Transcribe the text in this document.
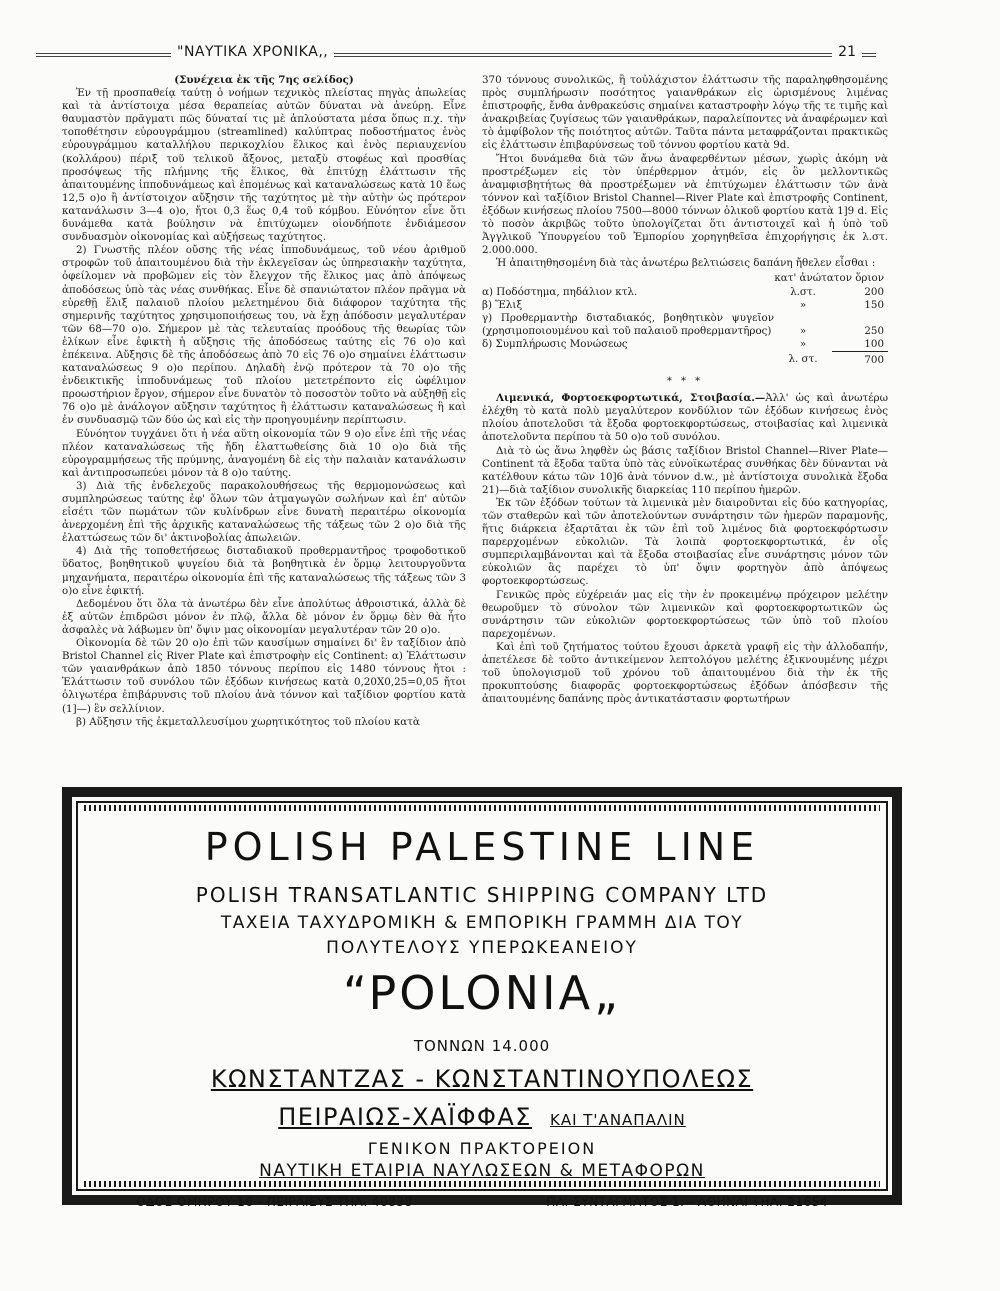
"ΝΑΥΤΙΚΑ ΧΡΟΝΙΚΑ,,	21

(Συνέχεια ἐκ τῆς 7ης σελίδος)

Ἐν τῇ προσπαθείᾳ ταύτῃ ὁ νοήμων τεχνικὸς πλείστας πηγὰς ἀπωλείας καὶ τὰ ἀντίστοιχα μέσα θεραπείας αὐτῶν δύναται νὰ ἀνεύρῃ. Εἶνε θαυμαστὸν πρᾶγματι πῶς δύναταί τις μὲ ἁπλούστατα μέσα ὅπως π.χ. τὴν τοποθέτησιν εὐρουγράμμου (streamlined) καλύπτρας ποδοστήματος ἑνὸς εὐρουγράμμου καταλλήλου περικοχλίου ἕλικος καὶ ἑνὸς περιαυχενίου (κολλάρου) πέριξ τοῦ τελικοῦ ἄξονος, μεταξὺ στοφέως καὶ προσθίας προσόψεως τῆς πλήμνης τῆς ἕλικος, θὰ ἐπιτύχῃ ἐλάττωσιν τῆς ἀπαιτουμένης ἱπποδυνάμεως καὶ ἑπομένως καὶ καταναλώσεως κατὰ 10 ἕως 12,5 ο)ο ἢ ἀντίστοιχον αὔξησιν τῆς ταχύτητος μὲ τὴν αὐτὴν ὡς πρότερον κατανάλωσιν 3—4 ο)ο, ἤτοι 0,3 ἕως 0,4 τοῦ κόμβου. Εὐνόητον εἶνε ὅτι δυνάμεθα κατὰ βούλησιν νὰ ἐπιτύχωμεν οἱονδήποτε ἐνδιάμεσον συνδυασμὸν οἰκονομίας καὶ αὐξήσεως ταχύτητος.

2) Γνωστῆς πλέον οὔσης τῆς νέας ἱπποδυνάμεως, τοῦ νέου ἀριθμοῦ στροφῶν τοῦ ἀπαιτουμένου διὰ τὴν ἐκλεγεῖσαν ὡς ὑπηρεσιακὴν ταχύτητα, ὀφείλομεν νὰ προβῶμεν εἰς τὸν ἔλεγχον τῆς ἕλικος μας ἀπὸ ἀπόψεως ἀποδόσεως ὑπὸ τὰς νέας συνθήκας. Εἶνε δὲ σπανιώτατον πλέον πρᾶγμα νὰ εὑρεθῇ ἕλιξ παλαιοῦ πλοίου μελετημένου διὰ διάφορον ταχύτητα τῆς σημερινῆς ταχύτητος χρησιμοποιήσεως του, νὰ ἔχῃ ἀπόδοσιν μεγαλυτέραν τῶν 68—70 ο)ο. Σήμερον μὲ τὰς τελευταίας προόδους τῆς θεωρίας τῶν ἑλίκων εἶνε ἐφικτὴ ἡ αὔξησις τῆς ἀποδόσεως ταύτης εἰς 76 ο)ο καὶ ἐπέκεινα. Αὔξησις δὲ τῆς ἀποδόσεως ἀπὸ 70 εἰς 76 ο)ο σημαίνει ἐλάττωσιν καταναλώσεως 9 ο)ο περίπου. Δηλαδὴ ἐνῷ πρότερον τὰ 70 ο)ο τῆς ἐνδεικτικῆς ἱπποδυνάμεως τοῦ πλοίου μετετρέποντο εἰς ὠφέλιμον προωστήριον ἔργον, σήμερον εἶνε δυνατὸν τὸ ποσοστὸν τοῦτο νὰ αὐξηθῇ εἰς 76 ο)ο μὲ ἀνάλογον αὔξησιν ταχύτητος ἢ ἐλάττωσιν καταναλώσεως ἢ καὶ ἐν συνδυασμῷ τῶν δύο ὡς καὶ εἰς τὴν προηγουμένην περίπτωσιν.

Εὐνόητον τυγχάνει ὅτι ἡ νέα αὕτη οἰκονομία τῶν 9 ο)ο εἶνε ἐπὶ τῆς νέας πλέον καταναλώσεως τῆς ἤδη ἐλαττωθείσης διὰ 10 ο)ο διὰ τῆς εὐρογραμμήσεως τῆς πρύμνης, ἀναγομένη δὲ εἰς τὴν παλαιὰν κατανάλωσιν καὶ ἀντιπροσωπεύει μόνον τὰ 8 ο)ο ταύτης.

3) Διὰ τῆς ἐνδελεχοῦς παρακολουθήσεως τῆς θερμομονώσεως καὶ συμπληρώσεως ταύτης ἐφ' ὅλων τῶν ἀτμαγωγῶν σωλήνων καὶ ἐπ' αὐτῶν εἰσέτι τῶν πωμάτων τῶν κυλίνδρων εἶνε δυνατὴ περαιτέρω οἰκονομία ἀνερχομένη ἐπὶ τῆς ἀρχικῆς καταναλώσεως τῆς τάξεως τῶν 2 ο)ο διὰ τῆς ἐλαττώσεως τῶν δι' ἀκτινοβολίας ἀπωλειῶν.

4) Διὰ τῆς τοποθετήσεως δισταδιακοῦ προθερμαντῆρος τροφοδοτικοῦ ὕδατος, βοηθητικοῦ ψυγείου διὰ τὰ βοηθητικὰ ἐν ὅρμῳ λειτουργοῦντα μηχανήματα, περαιτέρω οἰκονομία ἐπὶ τῆς καταναλώσεως τῆς τάξεως τῶν 3 ο)ο εἶνε ἐφικτή.

Δεδομένου ὅτι ὅλα τὰ ἀνωτέρω δὲν εἶνε ἀπολύτως ἀθροιστικά, ἀλλὰ δὲ ἐξ αὐτῶν ἐπιδρῶσι μόνον ἐν πλῷ, ἄλλα δὲ μόνον ἐν ὅρμῳ δὲν θὰ ἦτο ἀσφαλὲς νὰ λάβωμεν ὑπ' ὄψιν μας οἰκονομίαν μεγαλυτέραν τῶν 20 ο)ο.

Οἰκονομία δὲ τῶν 20 ο)ο ἐπὶ τῶν καυσίμων σημαίνει δι' ἓν ταξίδιον ἀπὸ Bristol Channel εἰς River Plate καὶ ἐπιστροφὴν εἰς Continent: α) Ἐλάττωσιν τῶν γαιανθράκων ἀπὸ 1850 τόννους περίπου εἰς 1480 τόννους ἤτοι : Ἐλάττωσιν τοῦ συνόλου τῶν ἐξόδων κινήσεως κατὰ 0,20Χ0,25=0,05 ἤτοι ὀλιγωτέρα ἐπιβάρυνσις τοῦ πλοίου ἀνὰ τόννον καὶ ταξίδιον φορτίου κατὰ (1]—) ἓν σελλίνιον.

β) Αὔξησιν τῆς ἐκμεταλλευσίμου χωρητικότητος τοῦ πλοίου κατὰ

370 τόννους συνολικῶς, ἢ τοὐλάχιστον ἐλάττωσιν τῆς παραληφθησομένης πρὸς συμπλήρωσιν ποσότητος γαιανθράκων εἰς ὡρισμένους λιμένας ἐπιστροφῆς, ἔνθα ἀνθρακεύσις σημαίνει καταστροφὴν λόγῳ τῆς τε τιμῆς καὶ ἀνακριβείας ζυγίσεως τῶν γαιανθράκων, παραλείποντες νὰ ἀναφέρωμεν καὶ τὸ ἀμφίβολον τῆς ποιότητος αὐτῶν. Ταῦτα πάντα μεταφράζονται πρακτικῶς εἰς ἐλάττωσιν ἐπιβαρύνσεως τοῦ τόννου φορτίου κατὰ 9d.

Ἤτοι δυνάμεθα διὰ τῶν ἄνω ἀναφερθέντων μέσων, χωρὶς ἀκόμη νὰ προστρέξωμεν εἰς τὸν ὑπέρθερμον ἀτμόν, εἰς ὃν μελλοντικῶς ἀναμφισβητήτως θὰ προστρέξωμεν νὰ ἐπιτύχωμεν ἐλάττωσιν τῶν ἀνὰ τόννον καὶ ταξίδιον Bristol Channel—River Plate καὶ ἐπιστροφῆς Continent, ἐξόδων κινήσεως πλοίου 7500—8000 τόννων ὁλικοῦ φορτίου κατὰ 1]9 d. Εἰς τὸ ποσὸν ἀκριβῶς τοῦτο ὑπολογίζεται ὅτι ἀντιστοιχεῖ καὶ ἡ ὑπὸ τοῦ Ἀγγλικοῦ Ὑπουργείου τοῦ Ἐμπορίου χορηγηθεῖσα ἐπιχορήγησις ἐκ λ.στ. 2.000.000.

Ἡ ἀπαιτηθησομένη διὰ τὰς ἀνωτέρω βελτιώσεις δαπάνη ἤθελεν εἶσθαι :

	κατ' ἀνώτατον ὅριον	
α) Ποδόστημα, πηδάλιον κτλ.	λ.στ.	200
β) Ἕλιξ	»	150
γ) Προθερμαντὴρ δισταδιακός, βοηθητικὸν ψυγεῖον (χρησιμοποιουμένου καὶ τοῦ παλαιοῦ προθερμαντῆρος)	»	250
δ) Συμπλήρωσις Μονώσεως	»	100
	λ. στ.	700
* * *

Λιμενικά, Φορτοεκφορτωτικά, Στοιβασία.—Ἀλλ' ὡς καὶ ἀνωτέρω ἐλέχθη τὸ κατὰ πολὺ μεγαλύτερον κονδύλιον τῶν ἐξόδων κινήσεως ἑνὸς πλοίου ἀποτελοῦσι τὰ ἔξοδα φορτοεκφορτώσεως, στοιβασίας καὶ λιμενικὰ ἀποτελοῦντα περίπου τὰ 50 ο)ο τοῦ συνόλου.

Διὰ τὸ ὡς ἄνω ληφθὲν ὡς βάσις ταξίδιον Bristol Channel—River Plate—Continent τὰ ἔξοδα ταῦτα ὑπὸ τὰς εὐνοϊκωτέρας συνθήκας δὲν δύνανται νὰ κατέλθουν κάτω τῶν 10]6 ἀνὰ τόννον d.w., μὲ ἀντίστοιχα συνολικὰ ἔξοδα 21)—διὰ ταξίδιον συνολικῆς διαρκείας 110 περίπου ἡμερῶν.

Ἐκ τῶν ἐξόδων τούτων τὰ λιμενικὰ μὲν διαιροῦνται εἰς δύο κατηγορίας, τῶν σταθερῶν καὶ τῶν ἀποτελούντων συνάρτησιν τῶν ἡμερῶν παραμονῆς, ἥτις διάρκεια ἐξαρτᾶται ἐκ τῶν ἐπὶ τοῦ λιμένος διὰ φορτοεκφόρτωσιν παρερχομένων εὐκολιῶν. Τὰ λοιπὰ φορτοεκφορτωτικά, ἐν οἷς συμπεριλαμβάνονται καὶ τὰ ἔξοδα στοιβασίας εἶνε συνάρτησις μόνον τῶν εὐκολιῶν ἃς παρέχει τὸ ὑπ' ὄψιν φορτηγὸν ἀπὸ ἀπόψεως φορτοεκφορτώσεως.

Γενικῶς πρὸς εὐχέρειάν μας εἰς τὴν ἐν προκειμένῳ πρόχειρον μελέτην θεωροῦμεν τὸ σύνολον τῶν λιμενικῶν καὶ φορτοεκφορτωτικῶν ὡς συνάρτησιν τῶν εὐκολιῶν φορτοεκφορτώσεως τῶν ὑπὸ τοῦ πλοίου παρεχομένων.

Καὶ ἐπὶ τοῦ ζητήματος τούτου ἔχουσι ἀρκετὰ γραφῆ εἰς τὴν ἀλλοδαπήν, ἀπετέλεσε δὲ τοῦτο ἀντικείμενον λεπτολόγου μελέτης ἐξικνουμένης μέχρι τοῦ ὑπολογισμοῦ τοῦ χρόνου τοῦ ἀπαιτουμένου διὰ τὴν ἐκ τῆς προκυπτούσης διαφορᾶς φορτοεκφορτώσεως ἐξόδων ἀπόσβεσιν τῆς ἀπαιτουμένης δαπάνης πρὸς ἀντικατάστασιν φορτωτήρων

POLISH PALESTINE LINE
POLISH TRANSATLANTIC SHIPPING COMPANY LTD
ΤΑΧΕΙΑ ΤΑΧΥΔΡΟΜΙΚΗ & ΕΜΠΟΡΙΚΗ ΓΡΑΜΜΗ ΔΙΑ ΤΟΥ
ΠΟΛΥΤΕΛΟΥΣ ΥΠΕΡΩΚΕΑΝΕΙΟΥ
“POLONIA„
ΤΟΝΝΩΝ 14.000
ΚΩΝΣΤΑΝΤΖΑΣ - ΚΩΝΣΤΑΝΤΙΝΟΥΠΟΛΕΩΣ
ΠΕΙΡΑΙΩΣ-ΧΑΪΦΦΑΣ ΚΑΙ Τ'ΑΝΑΠΑΛΙΝ
ΓΕΝΙΚΟΝ ΠΡΑΚΤΟΡΕΙΟΝ
ΝΑΥΤΙΚΗ ΕΤΑΙΡΙΑ ΝΑΥΛΩΣΕΩΝ & ΜΕΤΑΦΟΡΩΝ
ΟΔΟΣ ΟΜΗΡΟΥ 16 - ΠΕΙΡΑΙΕΥΣ ΤΗΛ. 40838	ΠΛ. ΣΥΝΤΑΓΜΑΤΟΣ 1. - ΑΘΗΝΑΙ ΤΗΛ. 21654
